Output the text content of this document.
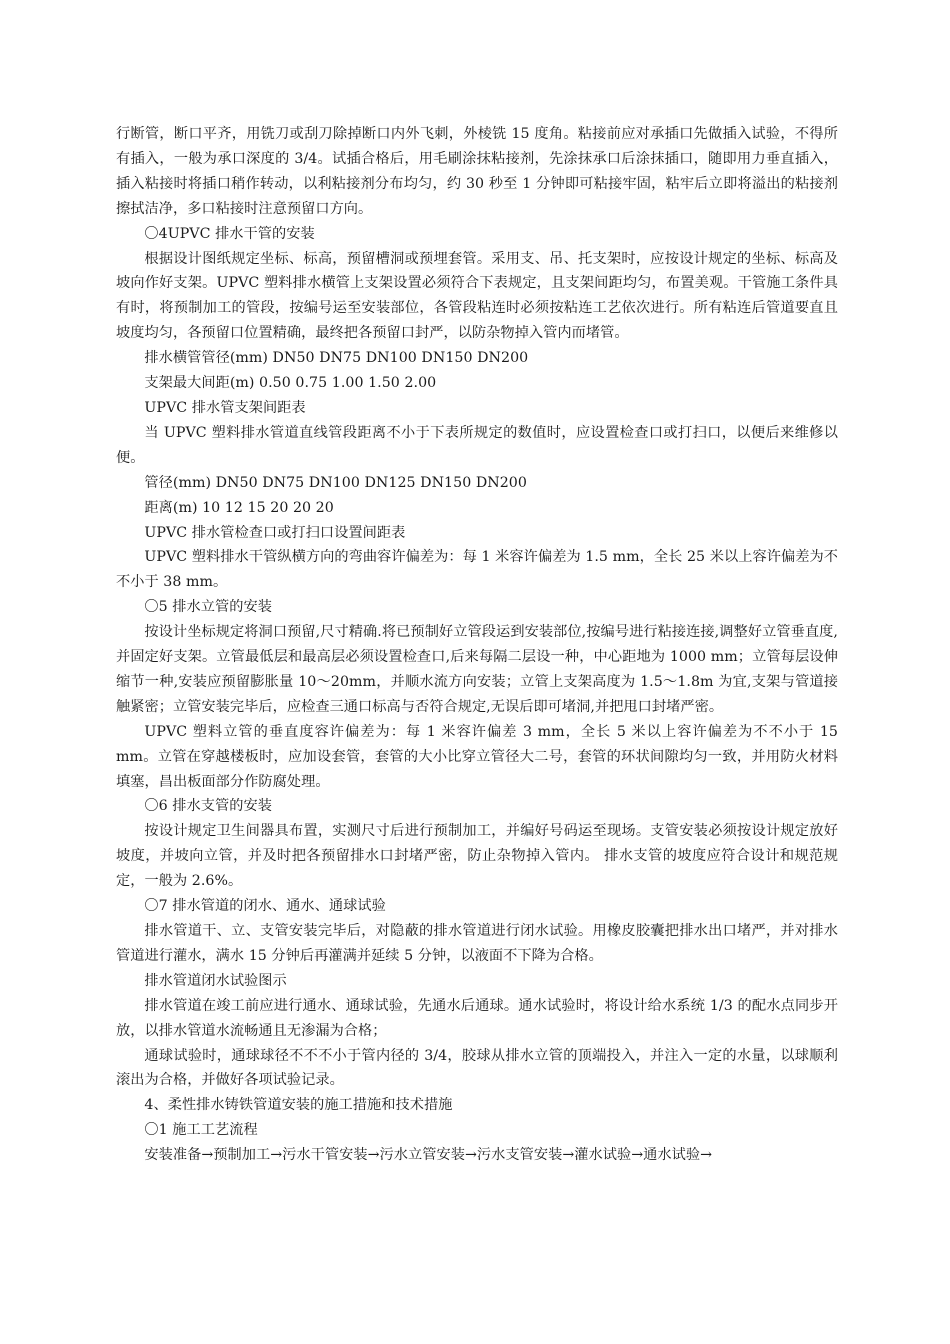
行断管，断口平齐，用铣刀或刮刀除掉断口内外飞刺，外棱铣 15 度角。粘接前应对承插口先做插入试验，不得所有插入，一般为承口深度的 3/4。试插合格后，用毛刷涂抹粘接剂，先涂抹承口后涂抹插口，随即用力垂直插入，插入粘接时将插口稍作转动，以利粘接剂分布均匀，约 30 秒至 1 分钟即可粘接牢固，粘牢后立即将溢出的粘接剂擦拭洁净，多口粘接时注意预留口方向。

〇4UPVC 排水干管的安装

根据设计图纸规定坐标、标高，预留槽洞或预埋套管。采用支、吊、托支架时，应按设计规定的坐标、标高及坡向作好支架。UPVC 塑料排水横管上支架设置必须符合下表规定，且支架间距均匀，布置美观。干管施工条件具有时，将预制加工的管段，按编号运至安装部位，各管段粘连时必须按粘连工艺依次进行。所有粘连后管道要直且坡度均匀，各预留口位置精确，最终把各预留口封严，以防杂物掉入管内而堵管。

排水横管管径(mm) DN50 DN75 DN100 DN150 DN200

支架最大间距(m) 0.50 0.75 1.00 1.50 2.00

UPVC 排水管支架间距表

当 UPVC 塑料排水管道直线管段距离不小于下表所规定的数值时，应设置检查口或打扫口，以便后来维修以便。

管径(mm) DN50 DN75 DN100 DN125 DN150 DN200

距离(m) 10 12 15 20 20 20

UPVC 排水管检查口或打扫口设置间距表

UPVC 塑料排水干管纵横方向的弯曲容许偏差为：每 1 米容许偏差为 1.5 mm，全长 25 米以上容许偏差为不不小于 38 mm。

〇5 排水立管的安装

按设计坐标规定将洞口预留,尺寸精确.将已预制好立管段运到安装部位,按编号进行粘接连接,调整好立管垂直度,并固定好支架。立管最低层和最高层必须设置检查口,后来每隔二层设一种，中心距地为 1000 mm；立管每层设伸缩节一种,安装应预留膨胀量 10～20mm，并顺水流方向安装；立管上支架高度为 1.5～1.8m 为宜,支架与管道接触紧密；立管安装完毕后，应检查三通口标高与否符合规定,无误后即可堵洞,并把甩口封堵严密。

UPVC 塑料立管的垂直度容许偏差为：每 1 米容许偏差 3 mm，全长 5 米以上容许偏差为不不小于 15 mm。立管在穿越楼板时，应加设套管，套管的大小比穿立管径大二号，套管的环状间隙均匀一致，并用防火材料填塞，昌出板面部分作防腐处理。

〇6 排水支管的安装

按设计规定卫生间器具布置，实测尺寸后进行预制加工，并编好号码运至现场。支管安装必须按设计规定放好坡度，并坡向立管，并及时把各预留排水口封堵严密，防止杂物掉入管内。 排水支管的坡度应符合设计和规范规定，一般为 2.6%。

〇7 排水管道的闭水、通水、通球试验

排水管道干、立、支管安装完毕后，对隐蔽的排水管道进行闭水试验。用橡皮胶囊把排水出口堵严，并对排水管道进行灌水，满水 15 分钟后再灌满并延续 5 分钟，以液面不下降为合格。

排水管道闭水试验图示

排水管道在竣工前应进行通水、通球试验，先通水后通球。通水试验时，将设计给水系统 1/3 的配水点同步开放，以排水管道水流畅通且无渗漏为合格；

通球试验时，通球球径不不不小于管内径的 3/4，胶球从排水立管的顶端投入，并注入一定的水量，以球顺利滚出为合格，并做好各项试验记录。

4、柔性排水铸铁管道安装的施工措施和技术措施

〇1 施工工艺流程

安装准备→预制加工→污水干管安装→污水立管安装→污水支管安装→灌水试验→通水试验→
